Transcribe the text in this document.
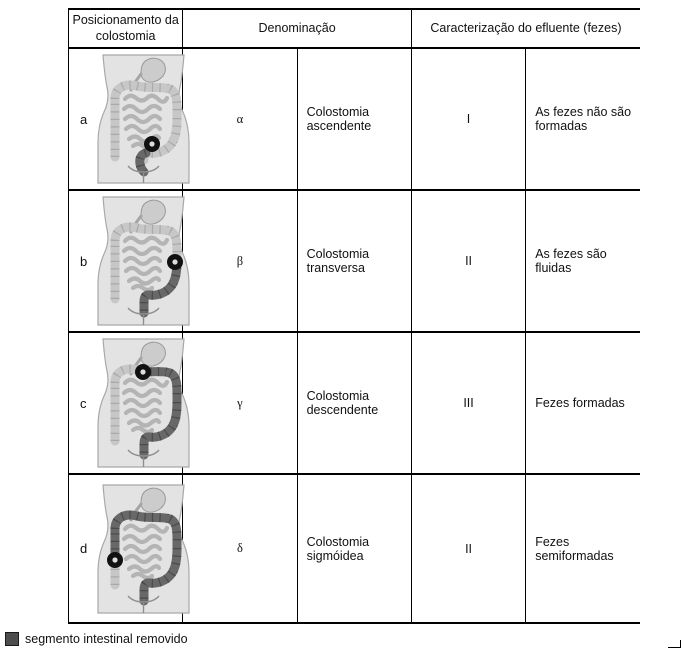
Posicionamento da colostomia	Denominação		Caracterização do efluente (fezes)	

a	α	Colostomia ascendente	I	As fezes não são formadas

b	β	Colostomia transversa	II	As fezes são fluidas

c	γ	Colostomia descendente	III	Fezes formadas

d	δ	Colostomia sigmóidea	II	Fezes semiformadas
segmento intestinal removido
